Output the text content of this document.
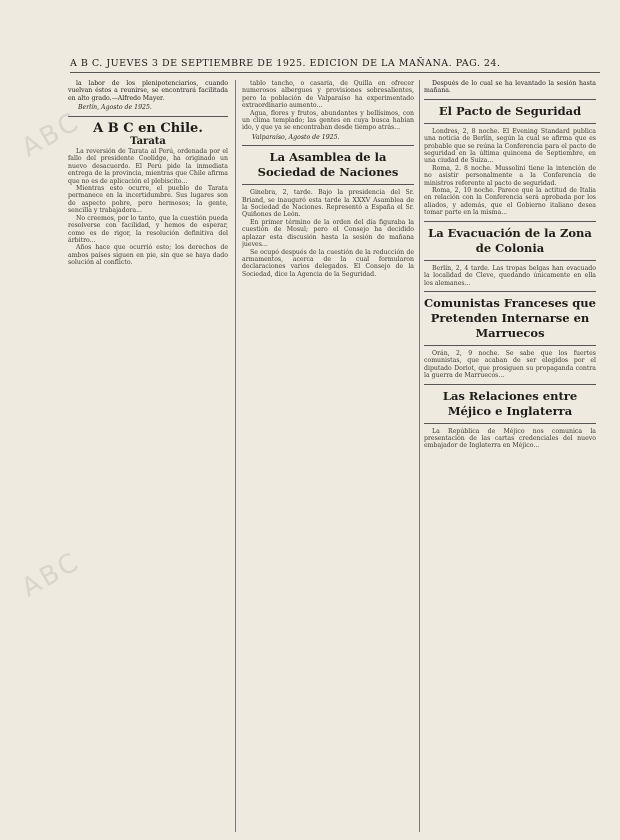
ABC
ABC
A B C. JUEVES 3 DE SEPTIEMBRE DE 1925. EDICION DE LA MAÑANA. PAG. 24.

la labor de los plenipotenciarios, cuando vuelvan éstos a reunirse, se encontrará facilitada en alto grado.—Alfredo Mayer.

Berlín, Agosto de 1925.
A B C en Chile.
Tarata

La reversión de Tarata al Perú, ordenada por el fallo del presidente Coolidge, ha originado un nuevo desacuerdo. El Perú pide la inmediata entrega de la provincia, mientras que Chile afirma que no es de aplicación el plebiscito...

Mientras esto ocurre, el pueblo de Tarata permanece en la incertidumbre. Sus lugares son de aspecto pobre, pero hermosos; la gente, sencilla y trabajadora...

No creemos, por lo tanto, que la cuestión pueda resolverse con facilidad, y hemos de esperar, como es de rigor, la resolución definitiva del árbitro...

Años hace que ocurrió esto; los derechos de ambos países siguen en pie, sin que se haya dado solución al conflicto.

tablo tancho, o casaría, de Quilla en ofrecer numerosos albergues y provisiones sobresalientes, pero la población de Valparaíso ha experimentado extraordinario aumento...

Agua, flores y frutos, abundantes y bellísimos, con un clima templado; las gentes en cuya busca habían ido, y que ya se encontraban desde tiempo atrás...

Valparaíso, Agosto de 1925.
La Asamblea de la Sociedad de Naciones

Ginebra, 2, tarde. Bajo la presidencia del Sr. Briand, se inauguró esta tarde la XXXV Asamblea de la Sociedad de Naciones. Representó a España el Sr. Quiñones de León.

En primer término de la orden del día figuraba la cuestión de Mosul; pero el Consejo ha decidido aplazar esta discusión hasta la sesión de mañana jueves...

Se ocupó después de la cuestión de la reducción de armamentos, acerca de la cual formularon declaraciones varios delegados. El Consejo de la Sociedad, dice la Agencia de la Seguridad.

Después de lo cual se ha levantado la sesión hasta mañana.

El Pacto de Seguridad

Londres, 2, 8 noche. El Evening Standard publica una noticia de Berlín, según la cual se afirma que es probable que se reúna la Conferencia para el pacto de seguridad en la última quincena de Septiembre, en una ciudad de Suiza...

Roma, 2. 8 noche. Mussolini tiene la intención de no asistir personalmente a la Conferencia de ministros referente al pacto de seguridad.

Roma, 2, 10 noche. Parece que la actitud de Italia en relación con la Conferencia será aprobada por los aliados, y además, que el Gobierno italiano desea tomar parte en la misma...

La Evacuación de la Zona de Colonia

Berlín, 2, 4 tarde. Las tropas belgas han evacuado la localidad de Cleve, quedando únicamente en ella los alemanes...

Comunistas Franceses que Pretenden Internarse en Marruecos

Orán, 2, 9 noche. Se sabe que los fuertes comunistas, que acaban de ser elegidos por el diputado Doriot, que prosiguen su propaganda contra la guerra de Marruecos...

Las Relaciones entre Méjico e Inglaterra

La República de Méjico nos comunica la presentación de las cartas credenciales del nuevo embajador de Inglaterra en Méjico...
